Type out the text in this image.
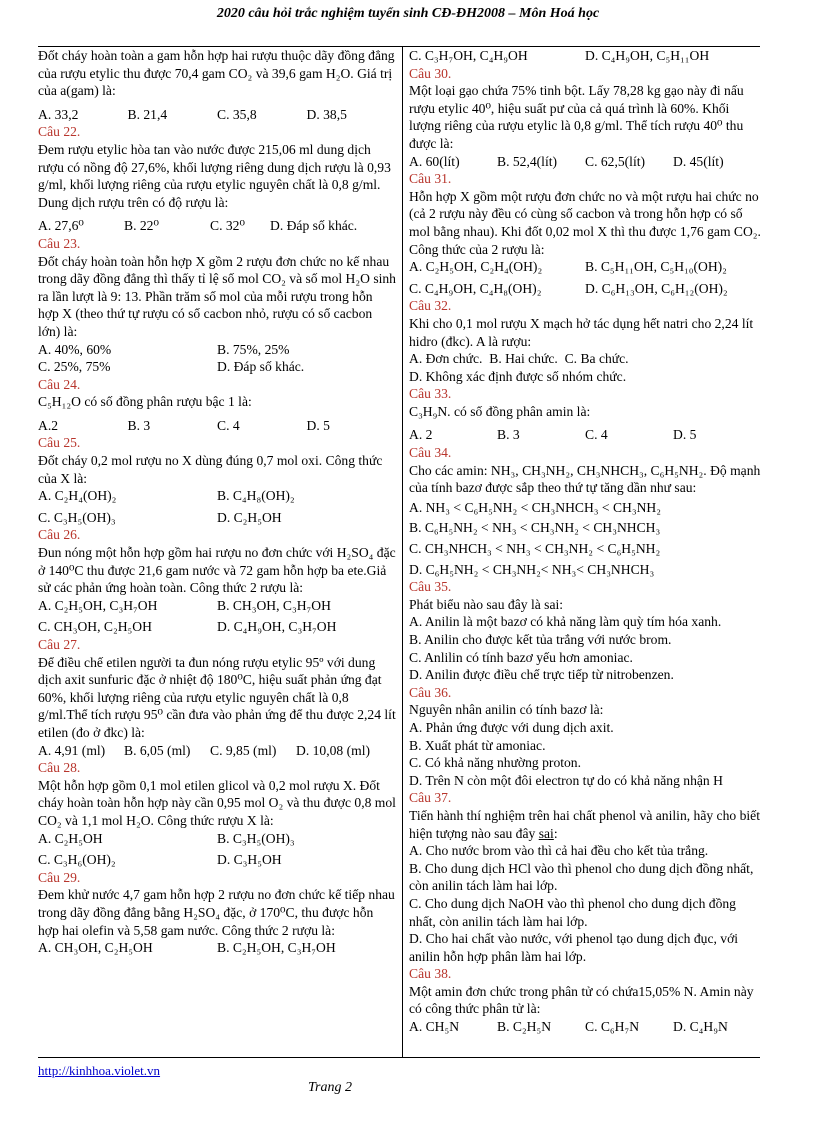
2020 câu hỏi trắc nghiệm tuyển sinh CĐ-ĐH2008 – Môn Hoá học

Đốt cháy hoàn toàn a gam hỗn hợp hai rượu thuộc dãy đồng đẳng của rượu etylic thu được 70,4 gam CO₂ và 39,6 gam H₂O. Giá trị của a(gam) là:

A. 33,2	B. 21,4	C. 35,8	D. 38,5
Câu 22.

Đem rượu etylic hòa tan vào nước được 215,06 ml dung dịch rượu có nồng độ 27,6%, khối lượng riêng dung dịch rượu là 0,93 g/ml, khối lượng riêng của rượu etylic nguyên chất là 0,8 g/ml. Dung dịch rượu trên có độ rượu là:

A. 27,6⁰	B. 22⁰	C. 32⁰	D. Đáp số khác.
Câu 23.

Đốt cháy hoàn toàn hỗn hợp X gồm 2 rượu đơn chức no kế nhau trong dãy đồng đẳng thì thấy tỉ lệ số mol CO₂ và số mol H₂O sinh ra lần lượt là 9: 13. Phần trăm số mol của mỗi rượu trong hỗn hợp X (theo thứ tự rượu có số cacbon nhỏ, rượu có số cacbon lớn) là:

A. 40%, 60%	B. 75%, 25%
C. 25%, 75%	D. Đáp số khác.
Câu 24.

C₅H₁₂O có số đồng phân rượu bậc 1 là:

A.2	B. 3	C. 4	D. 5
Câu 25.

Đốt cháy 0,2 mol rượu no X dùng đúng 0,7 mol oxi. Công thức của X là:

A. C₂H₄(OH)₂	B. C₄H₈(OH)₂
C. C₃H₅(OH)₃	D. C₂H₅OH
Câu 26.

Đun nóng một hỗn hợp gồm hai rượu no đơn chức với H₂SO₄ đặc ở 140⁰C thu được 21,6 gam nước và 72 gam hỗn hợp ba ete.Giả sử các phản ứng hoàn toàn. Công thức 2 rượu là:

A. C₂H₅OH, C₃H₇OH	B. CH₃OH, C₃H₇OH
C. CH₃OH, C₂H₅OH	D. C₄H₉OH, C₃H₇OH
Câu 27.

Để điều chế etilen người ta đun nóng rượu etylic 95º với dung dịch axit sunfuric đặc ở nhiệt độ 180⁰C, hiệu suất phản ứng đạt 60%, khối lượng riêng của rượu etylic nguyên chất là 0,8 g/ml.Thể tích rượu 95⁰ cần đưa vào phản ứng để thu được 2,24 lít etilen (đo ở đkc) là:

A. 4,91 (ml)	B. 6,05 (ml)	C. 9,85 (ml)	D. 10,08 (ml)
Câu 28.

Một hỗn hợp gồm 0,1 mol etilen glicol và 0,2 mol rượu X. Đốt cháy hoàn toàn hỗn hợp này cần 0,95 mol O₂ và thu được 0,8 mol CO₂ và 1,1 mol H₂O. Công thức rượu X là:

A. C₂H₅OH	B. C₃H₅(OH)₃
C. C₃H₆(OH)₂	D. C₃H₅OH
Câu 29.

Đem khử nước 4,7 gam hỗn hợp 2 rượu no đơn chức kế tiếp nhau trong dãy đồng đẳng bằng H₂SO₄ đặc, ở 170⁰C, thu được hỗn hợp hai olefin và 5,58 gam nước. Công thức 2 rượu là:

A. CH₃OH, C₂H₅OH	B. C₂H₅OH, C₃H₇OH
C. C₃H₇OH, C₄H₉OH	D. C₄H₉OH, C₅H₁₁OH
Câu 30.

Một loại gạo chứa 75% tinh bột. Lấy 78,28 kg gạo này đi nấu rượu etylic 40⁰, hiệu suất pư của cả quá trình là 60%. Khối lượng riêng của rượu etylic là 0,8 g/ml. Thể tích rượu 40⁰ thu được là:

A. 60(lít)	B. 52,4(lít)	C. 62,5(lít)	D. 45(lít)
Câu 31.

Hỗn hợp X gồm một rượu đơn chức no và một rượu hai chức no (cả 2 rượu này đều có cùng số cacbon và trong hỗn hợp có số mol bằng nhau). Khi đốt 0,02 mol X thì thu được 1,76 gam CO₂. Công thức của 2 rượu là:

A. C₂H₅OH, C₂H₄(OH)₂	B. C₅H₁₁OH, C₅H₁₀(OH)₂
C. C₄H₉OH, C₄H₈(OH)₂	D. C₆H₁₃OH, C₆H₁₂(OH)₂
Câu 32.

Khi cho 0,1 mol rượu X mạch hở tác dụng hết natri cho 2,24 lít hidro (đkc). A là rượu:

A. Đơn chức. B. Hai chức. C. Ba chức.
D. Không xác định được số nhóm chức.
Câu 33.

C₃H₉N. có số đồng phân amin là:

A. 2	B. 3	C. 4	D. 5
Câu 34.

Cho các amin: NH₃, CH₃NH₂, CH₃NHCH₃, C₆H₅NH₂. Độ mạnh của tính bazơ được sắp theo thứ tự tăng dần như sau:

A. NH₃ < C₆H₅NH₂ < CH₃NHCH₃ < CH₃NH₂
B. C₆H₅NH₂ < NH₃ < CH₃NH₂ < CH₃NHCH₃
C. CH₃NHCH₃ < NH₃ < CH₃NH₂ < C₆H₅NH₂
D. C₆H₅NH₂ < CH₃NH₂< NH₃< CH₃NHCH₃
Câu 35.

Phát biểu nào sau đây là sai:

A. Anilin là một bazơ có khả năng làm quỳ tím hóa xanh.
B. Anilin cho được kết tủa trắng với nước brom.
C. Anlilin có tính bazơ yếu hơn amoniac.
D. Anilin được điều chế trực tiếp từ nitrobenzen.
Câu 36.

Nguyên nhân anilin có tính bazơ là:

A. Phản ứng được với dung dịch axit.
B. Xuất phát từ amoniac.
C. Có khả năng nhường proton.
D. Trên N còn một đôi electron tự do có khả năng nhận H
Câu 37.

Tiến hành thí nghiệm trên hai chất phenol và anilin, hãy cho biết hiện tượng nào sau đây sai:

A. Cho nước brom vào thì cả hai đều cho kết tủa trắng.
B. Cho dung dịch HCl vào thì phenol cho dung dịch đồng nhất, còn anilin tách làm hai lớp.
C. Cho dung dịch NaOH vào thì phenol cho dung dịch đồng nhất, còn anilin tách làm hai lớp.
D. Cho hai chất vào nước, với phenol tạo dung dịch đục, với anilin hỗn hợp phân làm hai lớp.
Câu 38.

Một amin đơn chức trong phân tử có chứa15,05% N. Amin này có công thức phân tử là:

A. CH₅N	B. C₂H₅N	C. C₆H₇N	D. C₄H₉N
http://kinhhoa.violet.vn
Trang 2
